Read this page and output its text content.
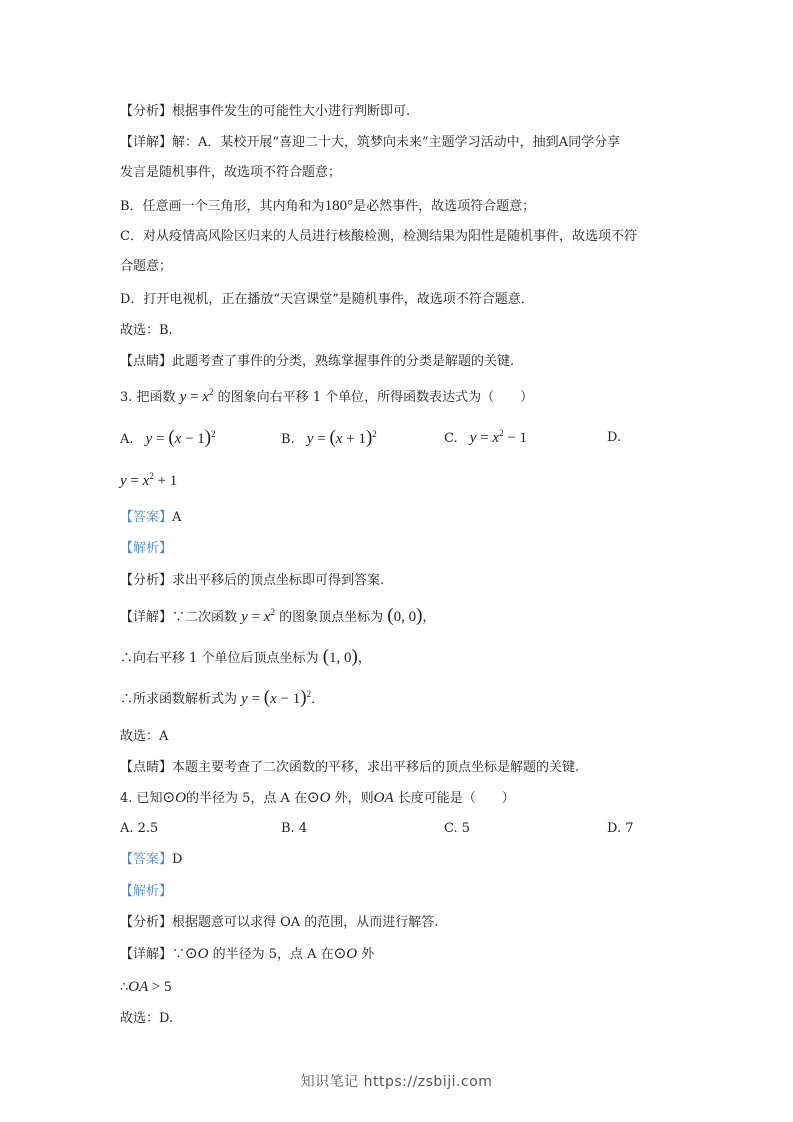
【分析】根据事件发生的可能性大小进行判断即可.
【详解】解：A．某校开展“喜迎二十大，筑梦向未来”主题学习活动中，抽到A同学分享
发言是随机事件，故选项不符合题意；
B．任意画一个三角形，其内角和为180°是必然事件，故选项符合题意；
C．对从疫情高风险区归来的人员进行核酸检测，检测结果为阳性是随机事件，故选项不符
合题意；
D．打开电视机，正在播放“天宫课堂”是随机事件，故选项不符合题意．
故选：B.
【点睛】此题考查了事件的分类，熟练掌握事件的分类是解题的关键.
3. 把函数 $y = x^2$ 的图象向右平移 1 个单位，所得函数表达式为（　　）
A. $y = (x - 1)^2$	B. $y = (x + 1)^2$	C. $y = x^2 - 1$	D.
$y = x^2 + 1$
【答案】A
【解析】
【分析】求出平移后的顶点坐标即可得到答案.
【详解】∵二次函数 $y = x^2$ 的图象顶点坐标为 (0, 0)，
∴向右平移 1 个单位后顶点坐标为 (1, 0)，
∴所求函数解析式为 $y = (x - 1)^2$．
故选：A
【点睛】本题主要考查了二次函数的平移，求出平移后的顶点坐标是解题的关键.
4. 已知⊙O的半径为 5，点 A 在⊙O 外，则OA 长度可能是（　　）
A. 2.5	B. 4	C. 5	D. 7
【答案】D
【解析】
【分析】根据题意可以求得 OA 的范围，从而进行解答.
【详解】∵⊙O 的半径为 5，点 A 在⊙O 外
∴OA > 5
故选：D.
知识笔记 https://zsbiji.com
